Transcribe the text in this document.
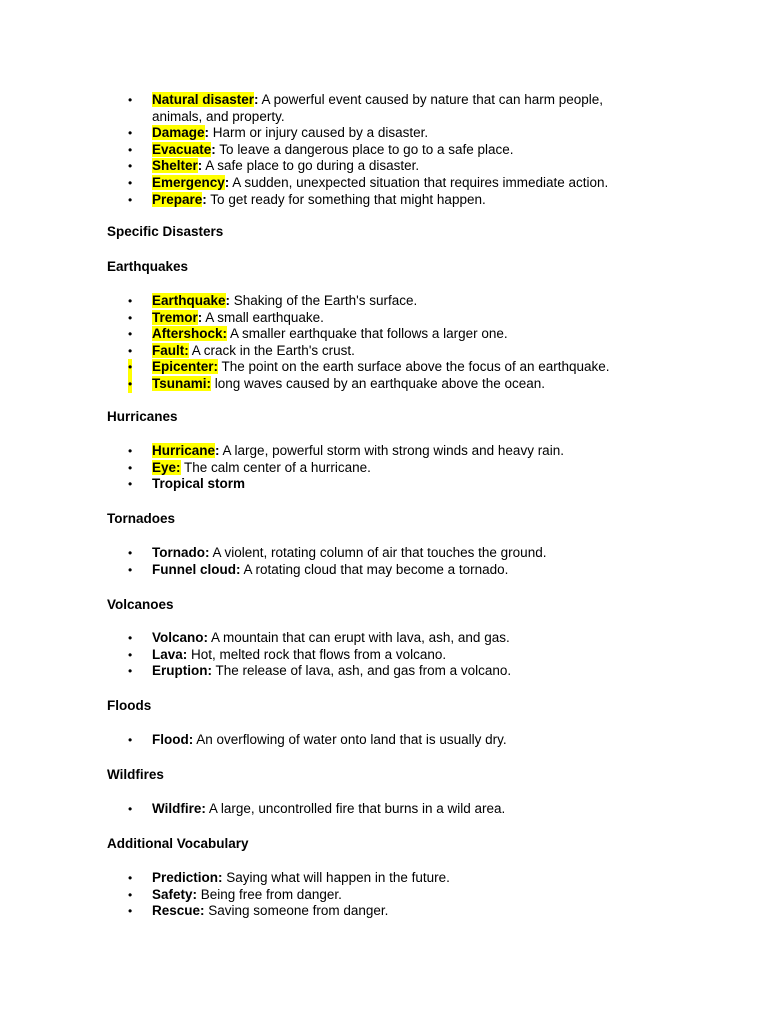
• Natural disaster: A powerful event caused by nature that can harm people, animals, and property.
• Damage: Harm or injury caused by a disaster.
• Evacuate: To leave a dangerous place to go to a safe place.
• Shelter: A safe place to go during a disaster.
• Emergency: A sudden, unexpected situation that requires immediate action.
• Prepare: To get ready for something that might happen.
Specific Disasters
Earthquakes
• Earthquake: Shaking of the Earth's surface.
• Tremor: A small earthquake.
• Aftershock: A smaller earthquake that follows a larger one.
• Fault: A crack in the Earth's crust.
• Epicenter: The point on the earth surface above the focus of an earthquake.
• Tsunami: long waves caused by an earthquake above the ocean.
Hurricanes
• Hurricane: A large, powerful storm with strong winds and heavy rain.
• Eye: The calm center of a hurricane.
• Tropical storm
Tornadoes
• Tornado: A violent, rotating column of air that touches the ground.
• Funnel cloud: A rotating cloud that may become a tornado.
Volcanoes
• Volcano: A mountain that can erupt with lava, ash, and gas.
• Lava: Hot, melted rock that flows from a volcano.
• Eruption: The release of lava, ash, and gas from a volcano.
Floods
• Flood: An overflowing of water onto land that is usually dry.
Wildfires
• Wildfire: A large, uncontrolled fire that burns in a wild area.
Additional Vocabulary
• Prediction: Saying what will happen in the future.
• Safety: Being free from danger.
• Rescue: Saving someone from danger.
